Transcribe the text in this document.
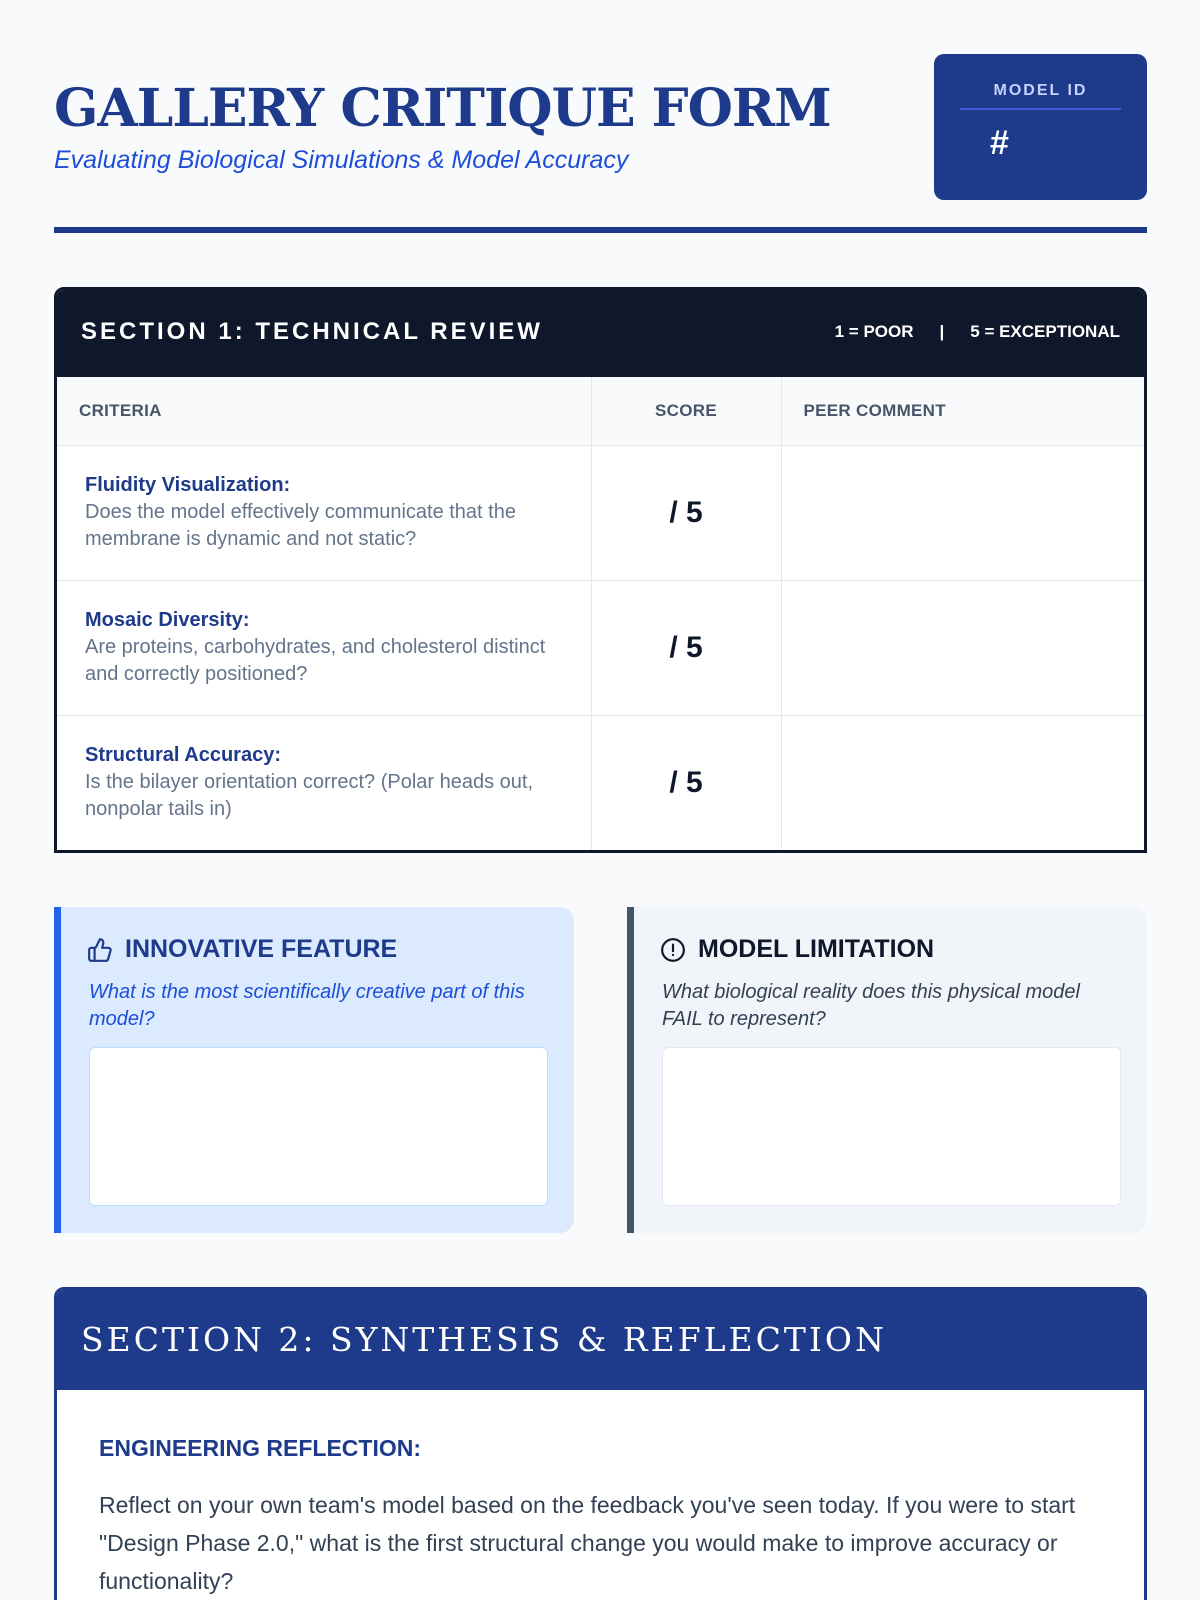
GALLERY CRITIQUE FORM
Evaluating Biological Simulations & Model Accuracy
MODEL ID
#
SECTION 1: TECHNICAL REVIEW	1 = POOR | 5 = EXCEPTIONAL
CRITERIA	SCORE	PEER COMMENT

Fluidity Visualization:
Does the model effectively communicate that the membrane is dynamic and not static?	/ 5	

Mosaic Diversity:
Are proteins, carbohydrates, and cholesterol distinct and correctly positioned?	/ 5	

Structural Accuracy:
Is the bilayer orientation correct? (Polar heads out, nonpolar tails in)	/ 5	
INNOVATIVE FEATURE
What is the most scientifically creative part of this model?
MODEL LIMITATION
What biological reality does this physical model FAIL to represent?
SECTION 2: SYNTHESIS & REFLECTION
ENGINEERING REFLECTION:
Reflect on your own team's model based on the feedback you've seen today. If you were to start "Design Phase 2.0," what is the first structural change you would make to improve accuracy or functionality?
